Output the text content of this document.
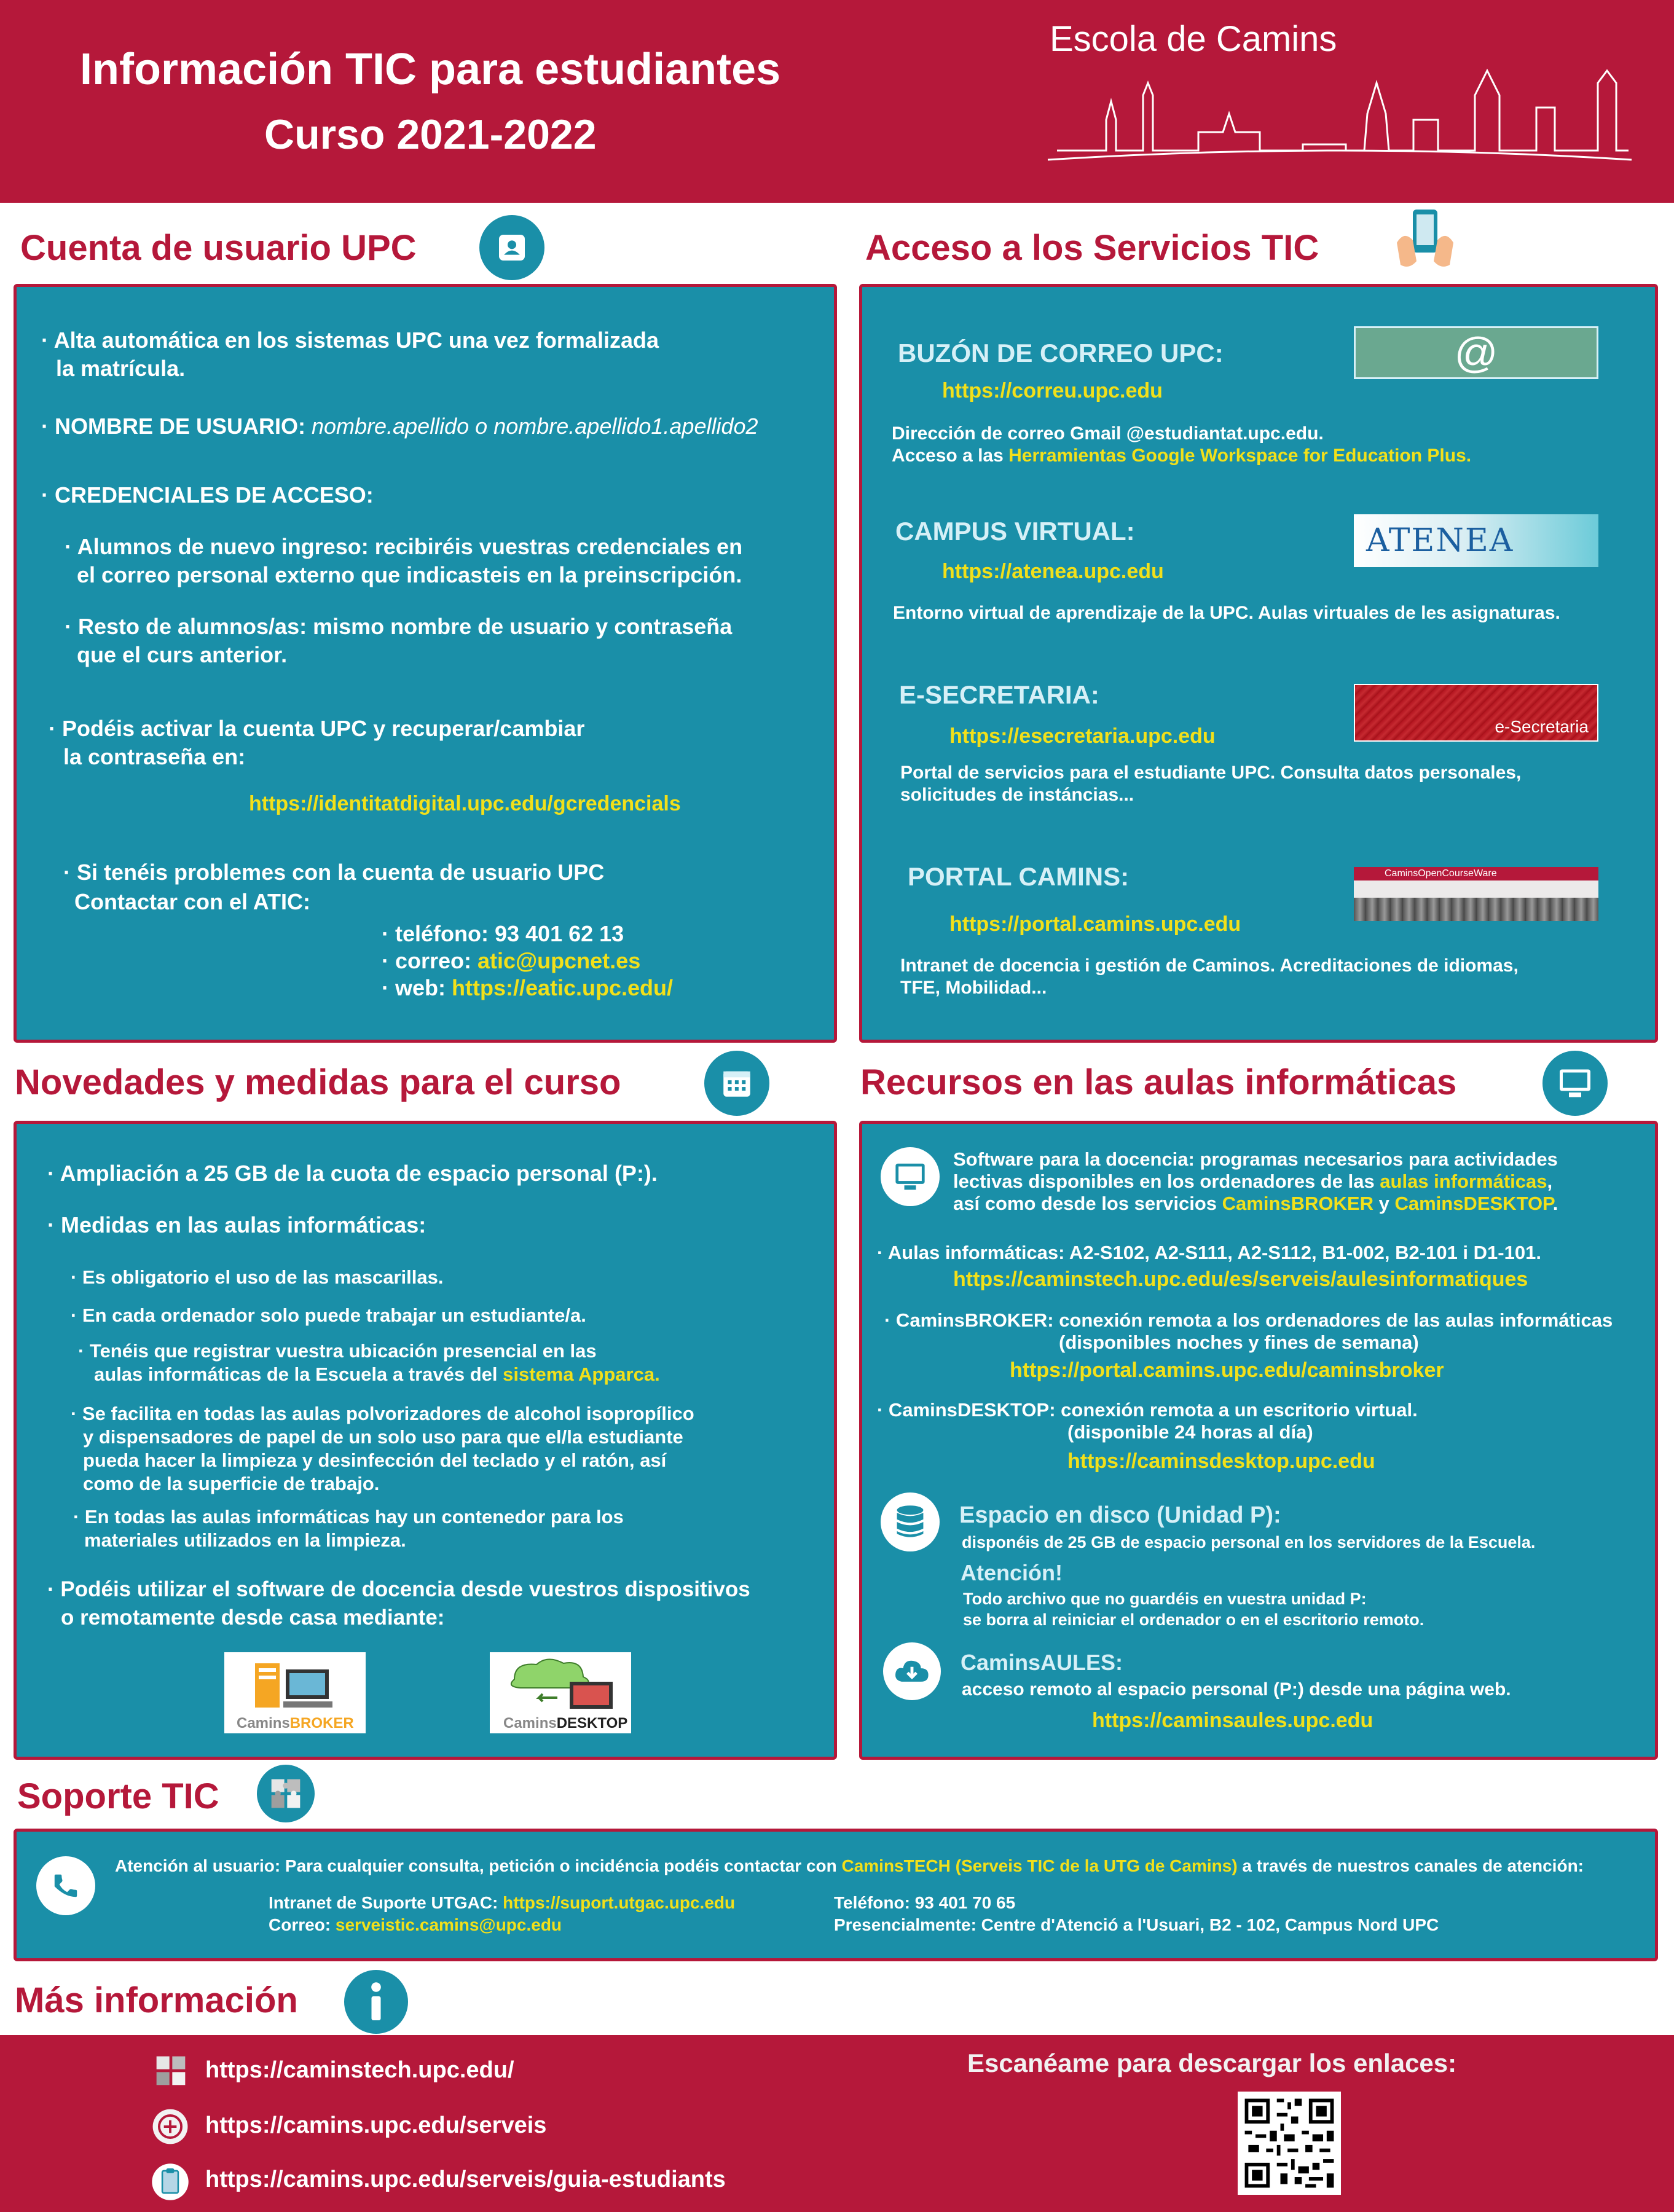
Información TIC para estudiantes
Curso 2021-2022
Escola de Camins
Cuenta de usuario UPC
· Alta automática en los sistemas UPC una vez formalizada
la matrícula.
· NOMBRE DE USUARIO: nombre.apellido o nombre.apellido1.apellido2
· CREDENCIALES DE ACCESO:
· Alumnos de nuevo ingreso: recibiréis vuestras credenciales en
el correo personal externo que indicasteis en la preinscripción.
· Resto de alumnos/as: mismo nombre de usuario y contraseña
que el curs anterior.
· Podéis activar la cuenta UPC y recuperar/cambiar
la contraseña en:
https://identitatdigital.upc.edu/gcredencials
· Si tenéis problemes con la cuenta de usuario UPC
Contactar con el ATIC:
· teléfono: 93 401 62 13
· correo: atic@upcnet.es
· web: https://eatic.upc.edu/
Acceso a los Servicios TIC
BUZÓN DE CORREO UPC:	@
https://correu.upc.edu
Dirección de correo Gmail @estudiantat.upc.edu.
Acceso a las Herramientas Google Workspace for Education Plus.
CAMPUS VIRTUAL:	ATENEA
https://atenea.upc.edu
Entorno virtual de aprendizaje de la UPC. Aulas virtuales de les asignaturas.
E-SECRETARIA:
e-Secretaria
https://esecretaria.upc.edu
Portal de servicios para el estudiante UPC. Consulta datos personales,
solicitudes de instáncias...
PORTAL CAMINS:	CaminsOpenCourseWare
https://portal.camins.upc.edu
Intranet de docencia i gestión de Caminos. Acreditaciones de idiomas,
TFE, Mobilidad...
Novedades y medidas para el curso
· Ampliación a 25 GB de la cuota de espacio personal (P:).
· Medidas en las aulas informáticas:
· Es obligatorio el uso de las mascarillas.
· En cada ordenador solo puede trabajar un estudiante/a.
· Tenéis que registrar vuestra ubicación presencial en las
aulas informáticas de la Escuela a través del sistema Apparca.
· Se facilita en todas las aulas polvorizadores de alcohol isopropílico
y dispensadores de papel de un solo uso para que el/la estudiante
pueda hacer la limpieza y desinfección del teclado y el ratón, así
como de la superficie de trabajo.
· En todas las aulas informáticas hay un contenedor para los
materiales utilizados en la limpieza.
· Podéis utilizar el software de docencia desde vuestros dispositivos
o remotamente desde casa mediante:
CaminsBROKER	CaminsDESKTOP
Recursos en las aulas informáticas
Software para la docencia: programas necesarios para actividades
lectivas disponibles en los ordenadores de las aulas informáticas,
así como desde los servicios CaminsBROKER y CaminsDESKTOP.
· Aulas informáticas: A2-S102, A2-S111, A2-S112, B1-002, B2-101 i D1-101.
https://caminstech.upc.edu/es/serveis/aulesinformatiques
· CaminsBROKER: conexión remota a los ordenadores de las aulas informáticas
(disponibles noches y fines de semana)
https://portal.camins.upc.edu/caminsbroker
· CaminsDESKTOP: conexión remota a un escritorio virtual.
(disponible 24 horas al día)
https://caminsdesktop.upc.edu
Espacio en disco (Unidad P):
disponéis de 25 GB de espacio personal en los servidores de la Escuela.
Atención!
Todo archivo que no guardéis en vuestra unidad P:
se borra al reiniciar el ordenador o en el escritorio remoto.
CaminsAULES:
acceso remoto al espacio personal (P:) desde una página web.
https://caminsaules.upc.edu
Soporte TIC
Atención al usuario: Para cualquier consulta, petición o incidéncia podéis contactar con CaminsTECH (Serveis TIC de la UTG de Camins) a través de nuestros canales de atención:
Intranet de Suporte UTGAC: https://suport.utgac.upc.edu
Correo: serveistic.camins@upc.edu
Teléfono: 93 401 70 65
Presencialmente: Centre d'Atenció a l'Usuari, B2 - 102, Campus Nord UPC
Más información
https://caminstech.upc.edu/
https://camins.upc.edu/serveis
https://camins.upc.edu/serveis/guia-estudiants
Escanéame para descargar los enlaces:
